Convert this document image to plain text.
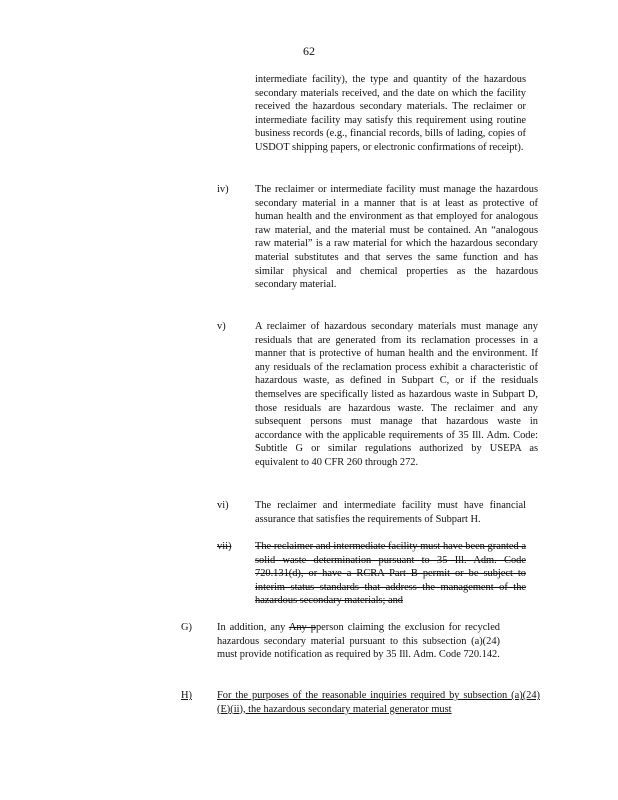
62

intermediate facility), the type and quantity of the hazardous secondary materials received, and the date on which the facility received the hazardous secondary materials. The reclaimer or intermediate facility may satisfy this requirement using routine business records (e.g., financial records, bills of lading, copies of USDOT shipping papers, or electronic confirmations of receipt).

iv)	The reclaimer or intermediate facility must manage the hazardous secondary material in a manner that is at least as protective of human health and the environment as that employed for analogous raw material, and the material must be contained. An “analogous raw material” is a raw material for which the hazardous secondary material substitutes and that serves the same function and has similar physical and chemical properties as the hazardous secondary material.

v)	A reclaimer of hazardous secondary materials must manage any residuals that are generated from its reclamation processes in a manner that is protective of human health and the environment. If any residuals of the reclamation process exhibit a characteristic of hazardous waste, as defined in Subpart C, or if the residuals themselves are specifically listed as hazardous waste in Subpart D, those residuals are hazardous waste. The reclaimer and any subsequent persons must manage that hazardous waste in accordance with the applicable requirements of 35 Ill. Adm. Code: Subtitle G or similar regulations authorized by USEPA as equivalent to 40 CFR 260 through 272.

vi)	The reclaimer and intermediate facility must have financial assurance that satisfies the requirements of Subpart H.

vii) The reclaimer and intermediate facility must have been granted a solid waste determination pursuant to 35 Ill. Adm. Code 720.131(d), or have a RCRA Part B permit or be subject to interim status standards that address the management of the hazardous secondary materials; and

G) In addition, any Any pperson claiming the exclusion for recycled hazardous secondary material pursuant to this subsection (a)(24) must provide notification as required by 35 Ill. Adm. Code 720.142.

H) For the purposes of the reasonable inquiries required by subsection (a)(24)(E)(ii), the hazardous secondary material generator must
